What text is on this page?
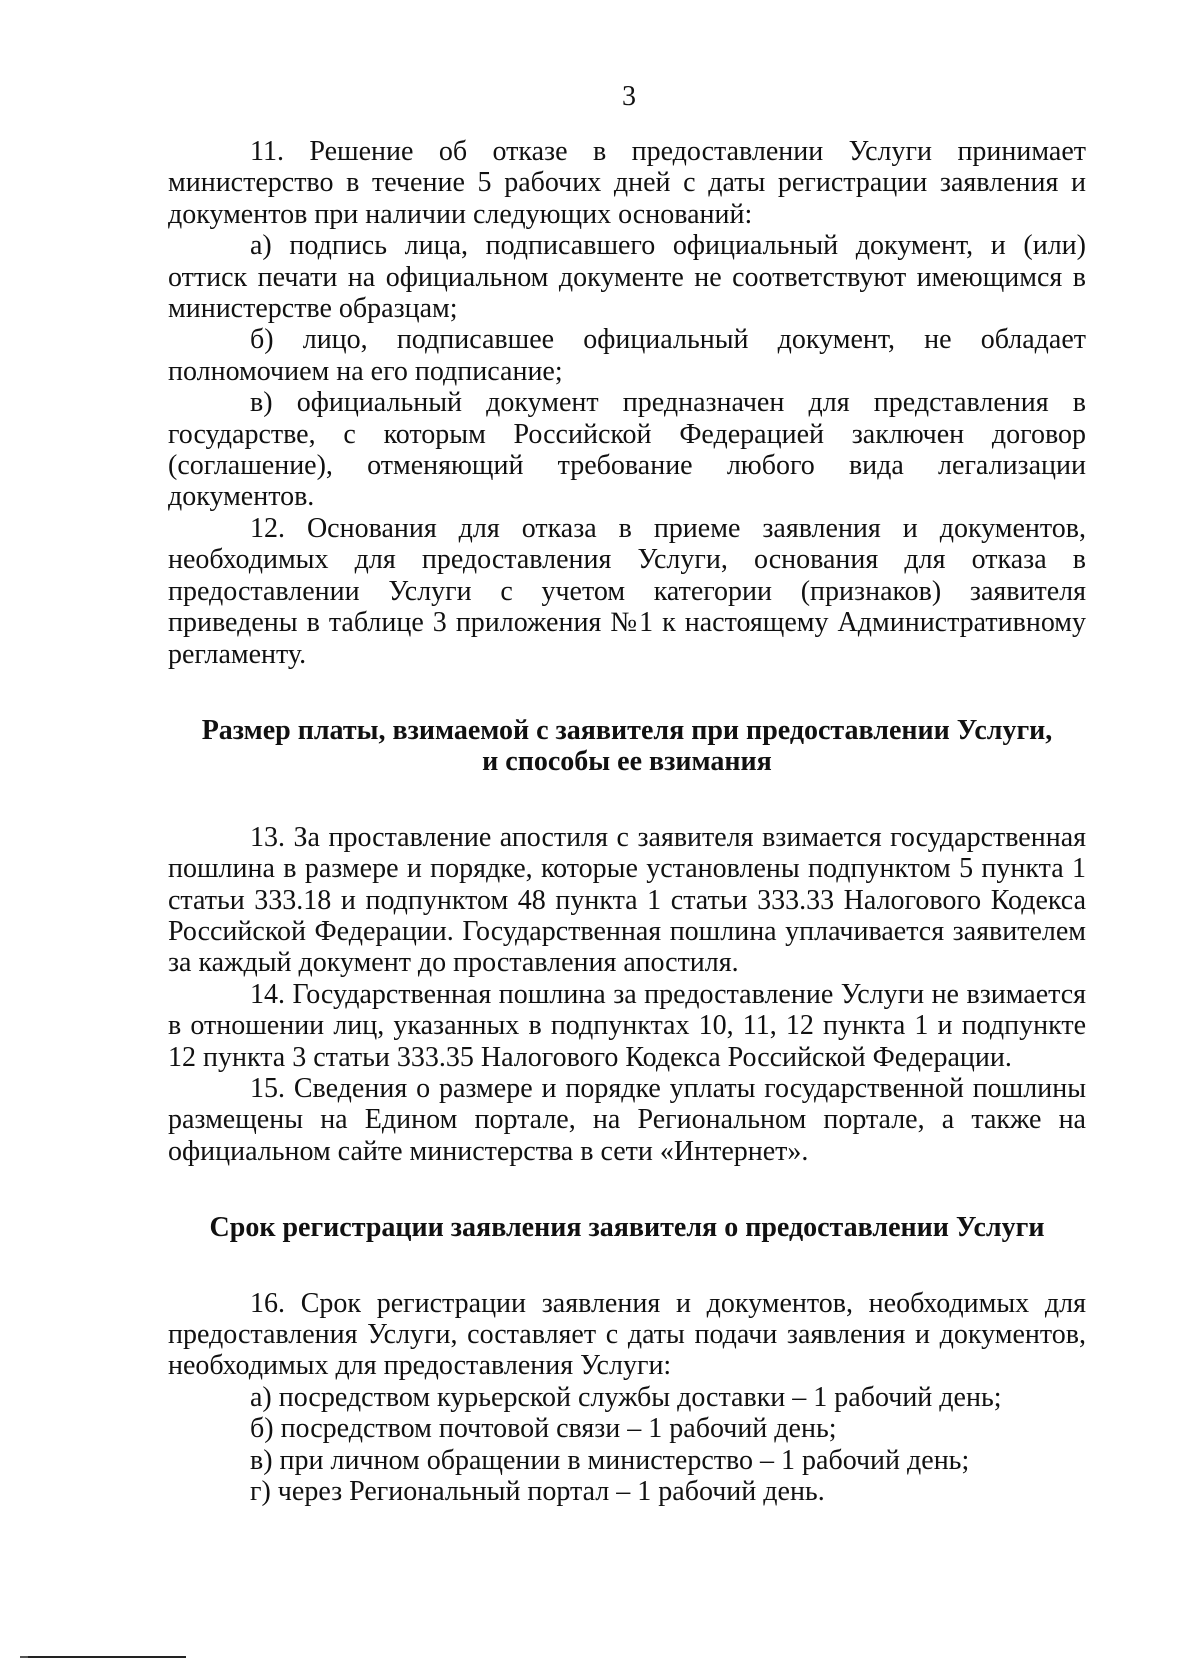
3

11. Решение об отказе в предоставлении Услуги принимает министерство в течение 5 рабочих дней с даты регистрации заявления и документов при наличии следующих оснований:

а) подпись лица, подписавшего официальный документ, и (или) оттиск печати на официальном документе не соответствуют имеющимся в министерстве образцам;

б) лицо, подписавшее официальный документ, не обладает полномочием на его подписание;

в) официальный документ предназначен для представления в государстве, с которым Российской Федерацией заключен договор (соглашение), отменяющий требование любого вида легализации документов.

12. Основания для отказа в приеме заявления и документов, необходимых для предоставления Услуги, основания для отказа в предоставлении Услуги с учетом категории (признаков) заявителя приведены в таблице 3 приложения №1 к настоящему Административному регламенту.

Размер платы, взимаемой с заявителя при предоставлении Услуги,
и способы ее взимания

13. За проставление апостиля с заявителя взимается государственная пошлина в размере и порядке, которые установлены подпунктом 5 пункта 1 статьи 333.18 и подпунктом 48 пункта 1 статьи 333.33 Налогового Кодекса Российской Федерации. Государственная пошлина уплачивается заявителем за каждый документ до проставления апостиля.

14. Государственная пошлина за предоставление Услуги не взимается в отношении лиц, указанных в подпунктах 10, 11, 12 пункта 1 и подпункте 12 пункта 3 статьи 333.35 Налогового Кодекса Российской Федерации.

15. Сведения о размере и порядке уплаты государственной пошлины размещены на Едином портале, на Региональном портале, а также на официальном сайте министерства в сети «Интернет».

Срок регистрации заявления заявителя о предоставлении Услуги

16. Срок регистрации заявления и документов, необходимых для предоставления Услуги, составляет с даты подачи заявления и документов, необходимых для предоставления Услуги:

а) посредством курьерской службы доставки – 1 рабочий день;

б) посредством почтовой связи – 1 рабочий день;

в) при личном обращении в министерство – 1 рабочий день;

г) через Региональный портал – 1 рабочий день.
